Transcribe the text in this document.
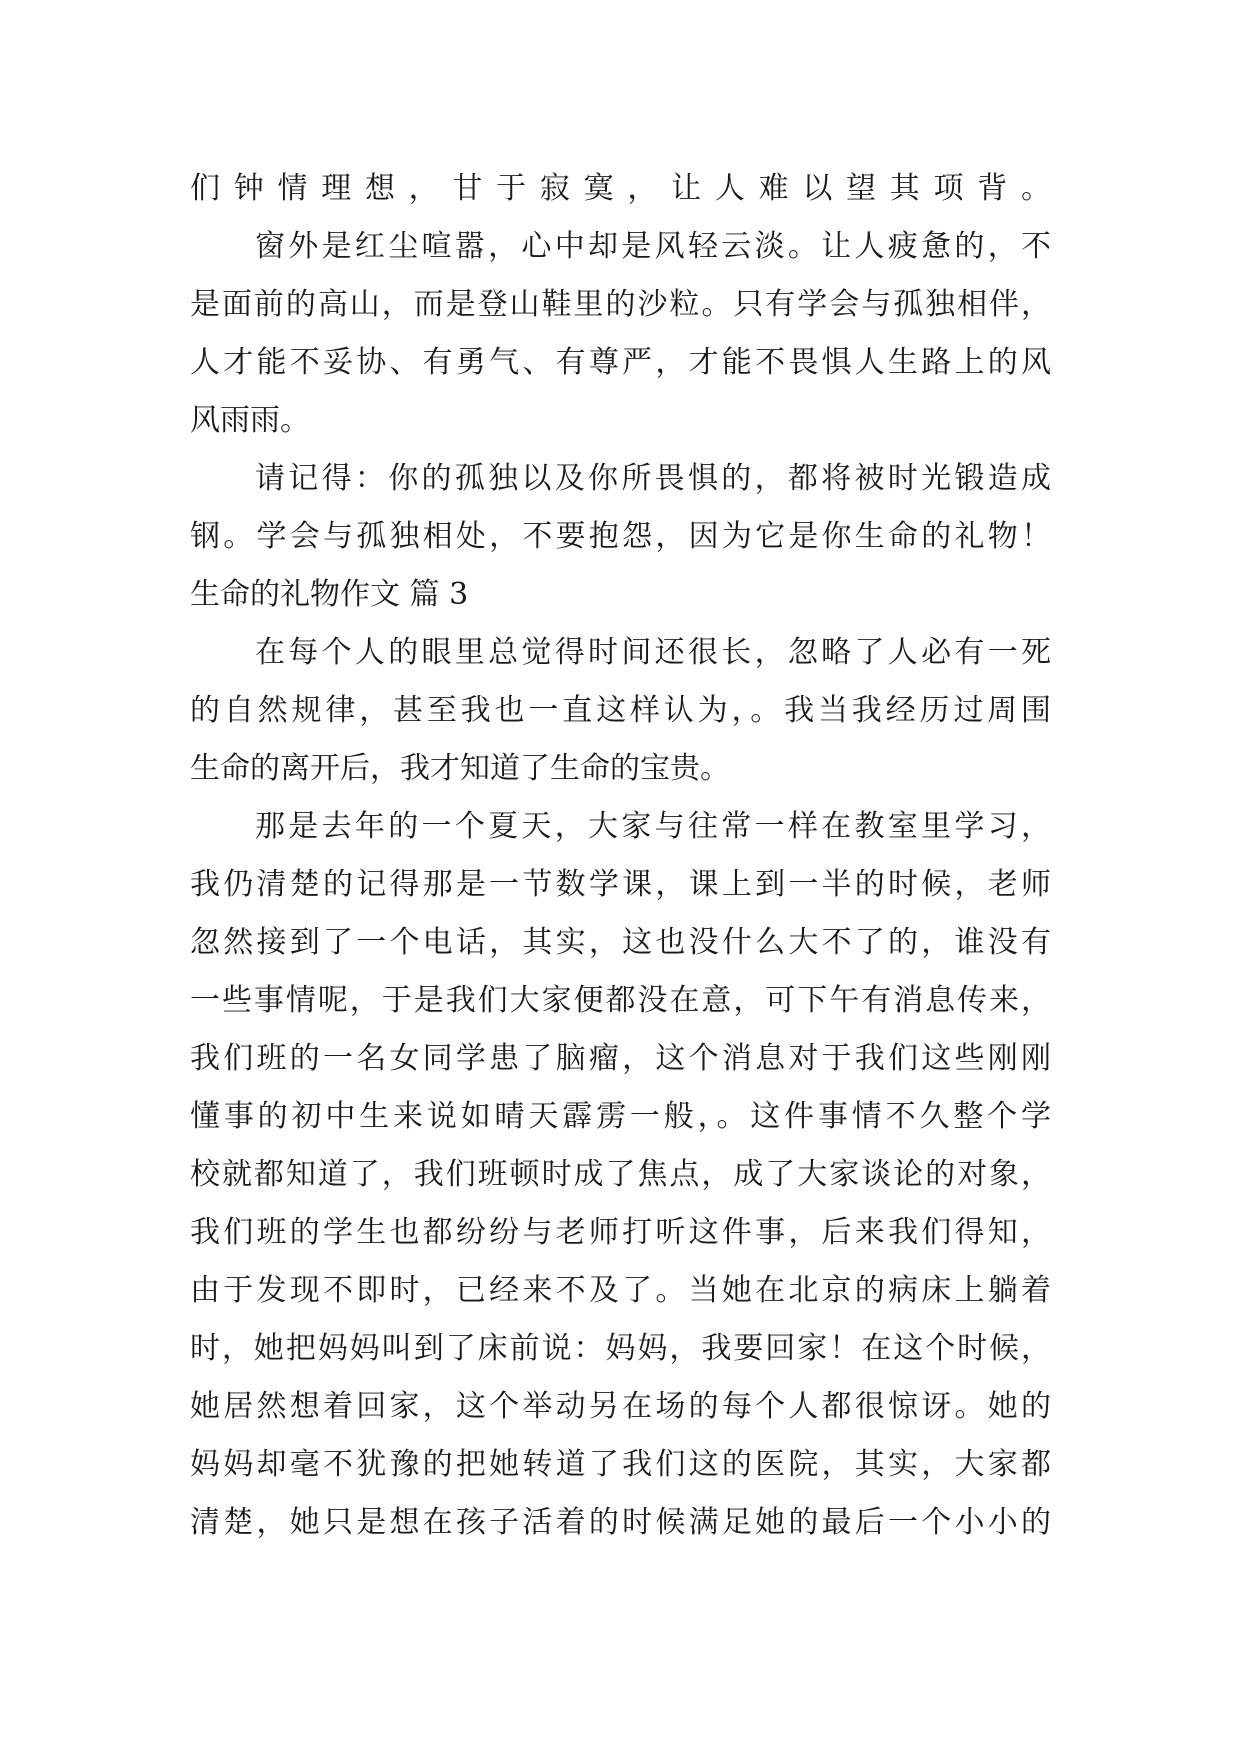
们钟情理想，甘于寂寞，让人难以望其项背。
窗外是红尘喧嚣，心中却是风轻云淡。让人疲惫的，不
是面前的高山，而是登山鞋里的沙粒。只有学会与孤独相伴，
人才能不妥协、有勇气、有尊严，才能不畏惧人生路上的风
风雨雨。
请记得：你的孤独以及你所畏惧的，都将被时光锻造成
钢。学会与孤独相处，不要抱怨，因为它是你生命的礼物！
生命的礼物作文 篇 3
在每个人的眼里总觉得时间还很长，忽略了人必有一死
的自然规律，甚至我也一直这样认为，。我当我经历过周围
生命的离开后，我才知道了生命的宝贵。
那是去年的一个夏天，大家与往常一样在教室里学习，
我仍清楚的记得那是一节数学课，课上到一半的时候，老师
忽然接到了一个电话，其实，这也没什么大不了的，谁没有
一些事情呢，于是我们大家便都没在意，可下午有消息传来，
我们班的一名女同学患了脑瘤，这个消息对于我们这些刚刚
懂事的初中生来说如晴天霹雳一般，。这件事情不久整个学
校就都知道了，我们班顿时成了焦点，成了大家谈论的对象，
我们班的学生也都纷纷与老师打听这件事，后来我们得知，
由于发现不即时，已经来不及了。当她在北京的病床上躺着
时，她把妈妈叫到了床前说：妈妈，我要回家！在这个时候，
她居然想着回家，这个举动另在场的每个人都很惊讶。她的
妈妈却毫不犹豫的把她转道了我们这的医院，其实，大家都
清楚，她只是想在孩子活着的时候满足她的最后一个小小的
